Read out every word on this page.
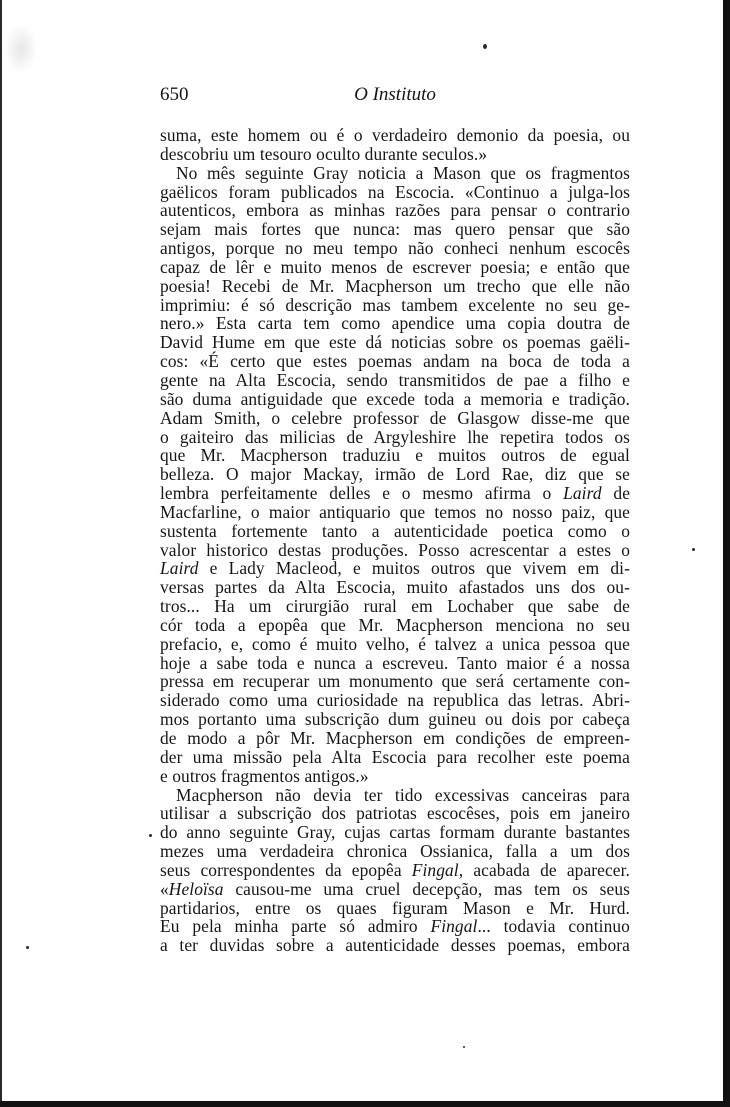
650	O Instituto
suma, este homem ou é o verdadeiro demonio da poesia, ou
descobriu um tesouro oculto durante seculos.»
No mês seguinte Gray noticia a Mason que os fragmentos
gaëlicos foram publicados na Escocia. «Continuo a julga-los
autenticos, embora as minhas razões para pensar o contrario
sejam mais fortes que nunca: mas quero pensar que são
antigos, porque no meu tempo não conheci nenhum escocês
capaz de lêr e muito menos de escrever poesia; e então que
poesia! Recebi de Mr. Macpherson um trecho que elle não
imprimiu: é só descrição mas tambem excelente no seu ge-
nero.» Esta carta tem como apendice uma copia doutra de
David Hume em que este dá noticias sobre os poemas gaëli-
cos: «É certo que estes poemas andam na boca de toda a
gente na Alta Escocia, sendo transmitidos de pae a filho e
são duma antiguidade que excede toda a memoria e tradição.
Adam Smith, o celebre professor de Glasgow disse-me que
o gaiteiro das milicias de Argyleshire lhe repetira todos os
que Mr. Macpherson traduziu e muitos outros de egual
belleza. O major Mackay, irmão de Lord Rae, diz que se
lembra perfeitamente delles e o mesmo afirma o Laird de
Macfarline, o maior antiquario que temos no nosso paiz, que
sustenta fortemente tanto a autenticidade poetica como o
valor historico destas produções. Posso acrescentar a estes o
Laird e Lady Macleod, e muitos outros que vivem em di-
versas partes da Alta Escocia, muito afastados uns dos ou-
tros... Ha um cirurgião rural em Lochaber que sabe de
cór toda a epopêa que Mr. Macpherson menciona no seu
prefacio, e, como é muito velho, é talvez a unica pessoa que
hoje a sabe toda e nunca a escreveu. Tanto maior é a nossa
pressa em recuperar um monumento que será certamente con-
siderado como uma curiosidade na republica das letras. Abri-
mos portanto uma subscrição dum guineu ou dois por cabeça
de modo a pôr Mr. Macpherson em condições de empreen-
der uma missão pela Alta Escocia para recolher este poema
e outros fragmentos antigos.»
Macpherson não devia ter tido excessivas canceiras para
utilisar a subscrição dos patriotas escocêses, pois em janeiro
do anno seguinte Gray, cujas cartas formam durante bastantes
mezes uma verdadeira chronica Ossianica, falla a um dos
seus correspondentes da epopêa Fingal, acabada de aparecer.
«Heloïsa causou-me uma cruel decepção, mas tem os seus
partidarios, entre os quaes figuram Mason e Mr. Hurd.
Eu pela minha parte só admiro Fingal... todavia continuo
a ter duvidas sobre a autenticidade desses poemas, embora
